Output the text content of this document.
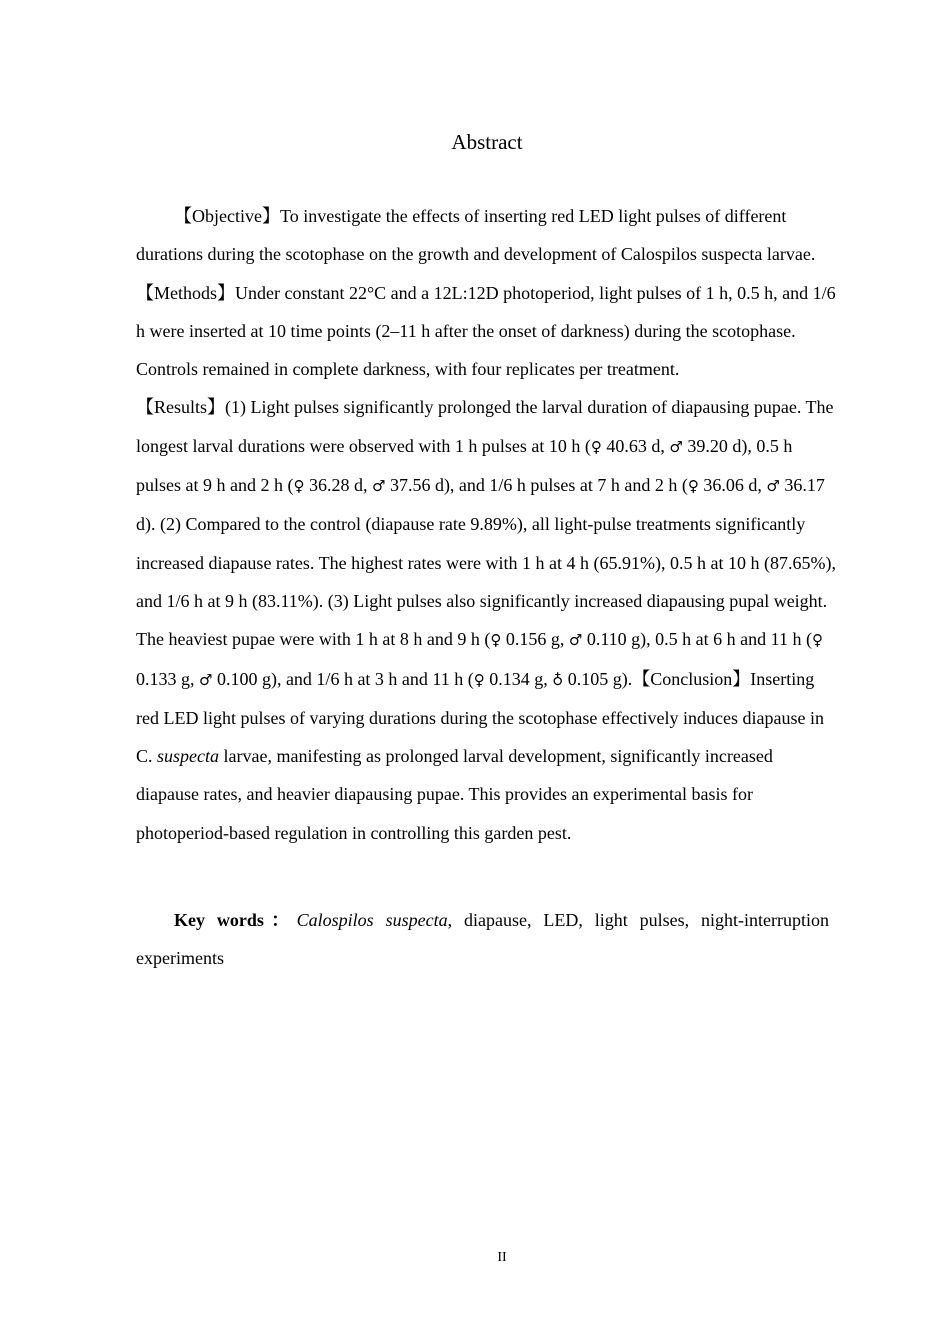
Abstract

【Objective】To investigate the effects of inserting red LED light pulses of different durations during the scotophase on the growth and development of Calospilos suspecta larvae.【Methods】Under constant 22°C and a 12L:12D photoperiod, light pulses of 1 h, 0.5 h, and 1/6 h were inserted at 10 time points (2–11 h after the onset of darkness) during the scotophase. Controls remained in complete darkness, with four replicates per treatment.
【Results】(1) Light pulses significantly prolonged the larval duration of diapausing pupae. The longest larval durations were observed with 1 h pulses at 10 h (♀ 40.63 d, ♂ 39.20 d), 0.5 h pulses at 9 h and 2 h (♀ 36.28 d, ♂ 37.56 d), and 1/6 h pulses at 7 h and 2 h (♀ 36.06 d, ♂ 36.17 d). (2) Compared to the control (diapause rate 9.89%), all light-pulse treatments significantly increased diapause rates. The highest rates were with 1 h at 4 h (65.91%), 0.5 h at 10 h (87.65%), and 1/6 h at 9 h (83.11%). (3) Light pulses also significantly increased diapausing pupal weight. The heaviest pupae were with 1 h at 8 h and 9 h (♀ 0.156 g, ♂ 0.110 g), 0.5 h at 6 h and 11 h (♀ 0.133 g, ♂ 0.100 g), and 1/6 h at 3 h and 11 h (♀ 0.134 g, ♁ 0.105 g).【Conclusion】Inserting red LED light pulses of varying durations during the scotophase effectively induces diapause in C. suspecta larvae, manifesting as prolonged larval development, significantly increased diapause rates, and heavier diapausing pupae. This provides an experimental basis for photoperiod-based regulation in controlling this garden pest.

Key words：Calospilos suspecta, diapause, LED, light pulses, night-interruption experiments

II
